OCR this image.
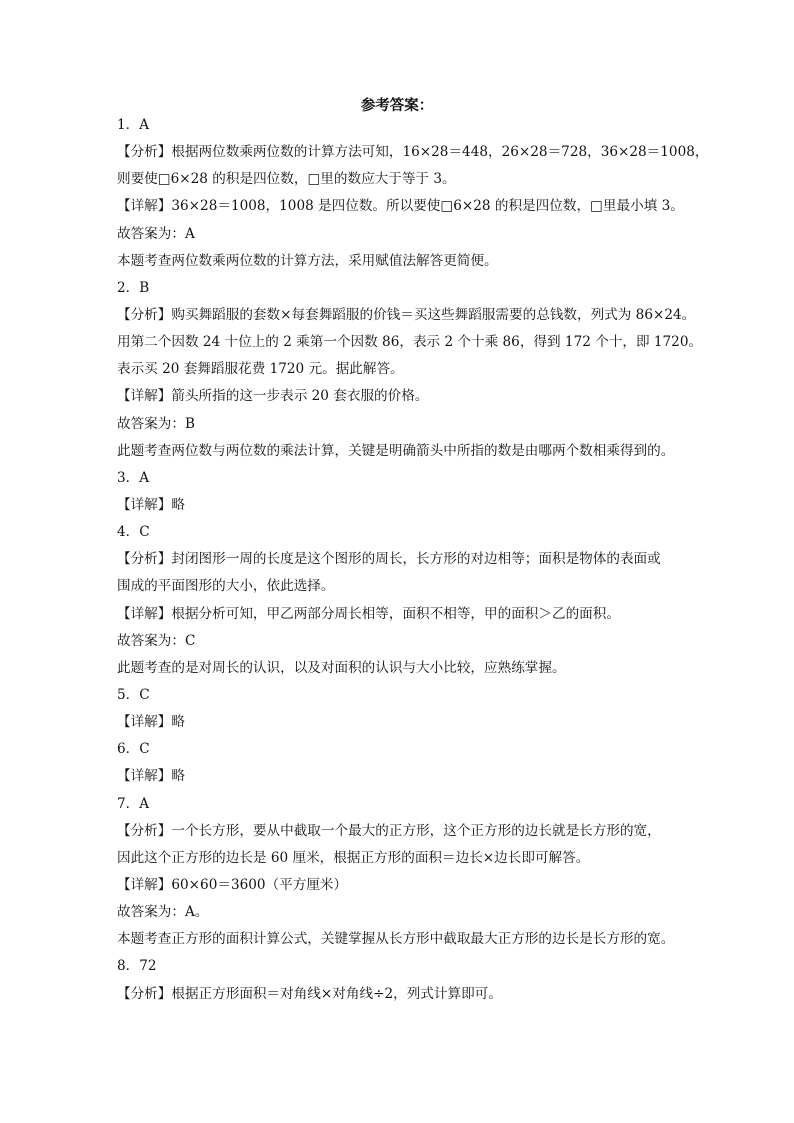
参考答案：
1．A
【分析】根据两位数乘两位数的计算方法可知，16×28＝448，26×28＝728，36×28＝1008，
则要使□6×28 的积是四位数，□里的数应大于等于 3。
【详解】36×28＝1008，1008 是四位数。所以要使□6×28 的积是四位数，□里最小填 3。
故答案为：A
本题考查两位数乘两位数的计算方法，采用赋值法解答更简便。
2．B
【分析】购买舞蹈服的套数×每套舞蹈服的价钱＝买这些舞蹈服需要的总钱数，列式为 86×24。
用第二个因数 24 十位上的 2 乘第一个因数 86，表示 2 个十乘 86，得到 172 个十，即 1720。
表示买 20 套舞蹈服花费 1720 元。据此解答。
【详解】箭头所指的这一步表示 20 套衣服的价格。
故答案为：B
此题考查两位数与两位数的乘法计算，关键是明确箭头中所指的数是由哪两个数相乘得到的。
3．A
【详解】略
4．C
【分析】封闭图形一周的长度是这个图形的周长，长方形的对边相等；面积是物体的表面或
围成的平面图形的大小，依此选择。
【详解】根据分析可知，甲乙两部分周长相等，面积不相等，甲的面积＞乙的面积。
故答案为：C
此题考查的是对周长的认识，以及对面积的认识与大小比较，应熟练掌握。
5．C
【详解】略
6．C
【详解】略
7．A
【分析】一个长方形，要从中截取一个最大的正方形，这个正方形的边长就是长方形的宽，
因此这个正方形的边长是 60 厘米，根据正方形的面积＝边长×边长即可解答。
【详解】60×60＝3600（平方厘米）
故答案为：A。
本题考查正方形的面积计算公式，关键掌握从长方形中截取最大正方形的边长是长方形的宽。
8．72
【分析】根据正方形面积＝对角线×对角线÷2，列式计算即可。
